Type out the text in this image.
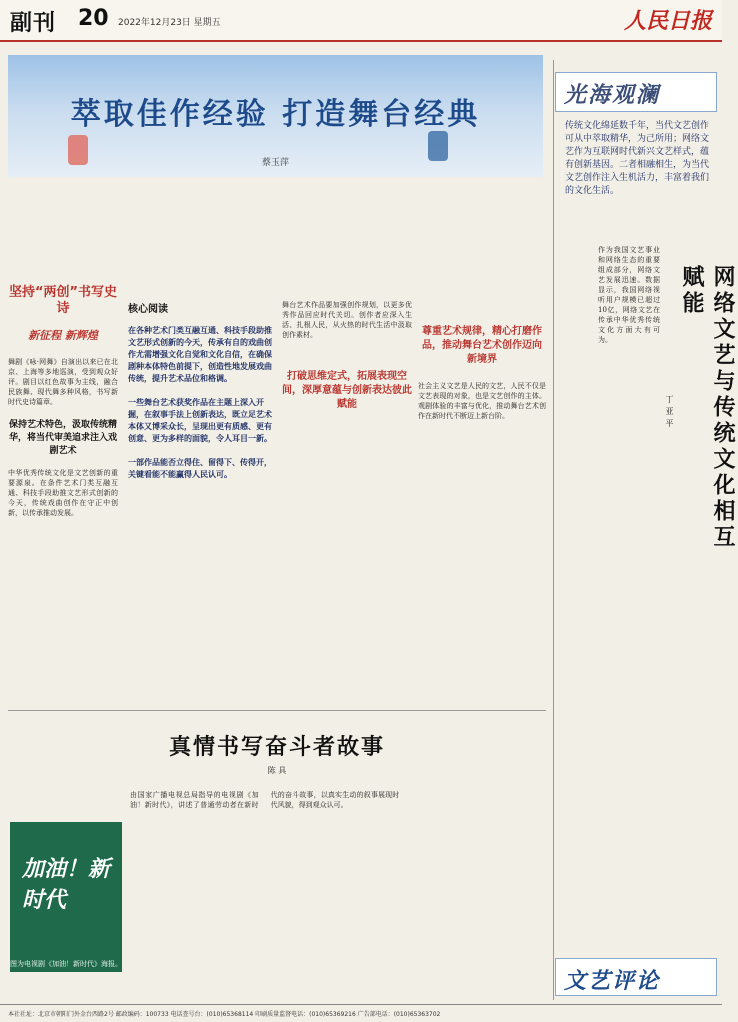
副刊 20 2022年12月23日 星期五	人民日报
萃取佳作经验 打造舞台经典
蔡玉萍
光海观澜
传统文化绵延数千年，当代文艺创作可从中萃取精华，为己所用；网络文艺作为互联网时代新兴文艺样式，蕴有创新基因。二者相融相生，为当代文艺创作注入生机活力，丰富着我们的文化生活。
坚持“两创”书写史诗
新征程 新辉煌
舞剧《咏·网舞》自演出以来已在北京、上海等多地巡演，受到观众好评。剧目以红色故事为主线，融合民族舞、现代舞多种风格，书写新时代史诗篇章。
保持艺术特色，汲取传统精华，将当代审美追求注入戏剧艺术
中华优秀传统文化是文艺创新的重要源泉。在条件艺术门类互融互通、科技手段助推文艺形式创新的今天，传统戏曲创作在守正中创新，以传承推动发展。
核心阅读
在各种艺术门类互融互通、科技手段助推文艺形式创新的今天，传承有自的戏曲创作尤需增强文化自觉和文化自信，在确保剧种本体特色前提下，创造性地发展戏曲传统，提升艺术品位和格调。
一些舞台艺术获奖作品在主题上深入开掘，在叙事手法上创新表达，既立足艺术本体又博采众长，呈现出更有质感、更有创意、更为多样的面貌，令人耳目一新。
一部作品能否立得住、留得下、传得开，关键看能不能赢得人民认可。
舞台艺术作品要加强创作规划，以更多优秀作品回应时代关切。创作者应深入生活、扎根人民，从火热的时代生活中汲取创作素材。
打破思维定式，拓展表现空间，深厚意蕴与创新表达彼此赋能
尊重艺术规律，精心打磨作品，推动舞台艺术创作迈向新境界
社会主义文艺是人民的文艺，人民不仅是文艺表现的对象，也是文艺创作的主体。观剧体验的丰富与优化，推动舞台艺术创作在新时代不断迈上新台阶。	网络文艺与传统文化相互赋能
丁亚平
作为我国文艺事业和网络生态的重要组成部分，网络文艺发展迅速。数据显示，我国网络视听用户规模已超过10亿，网络文艺在传承中华优秀传统文化方面大有可为。
真情书写奋斗者故事
陈 具
由国家广播电视总局指导的电视剧《加油！新时代》，讲述了普通劳动者在新时代的奋斗故事，以真实生动的叙事展现时代风貌，得到观众认可。
加油！新时代
图为电视剧《加油！新时代》海报。
文艺评论
本社社址：北京市朝阳门外金台西路2号 邮政编码：100733 电话查号台：(010)65368114 印刷质量监督电话：(010)65369216 广告部电话：(010)65363702
